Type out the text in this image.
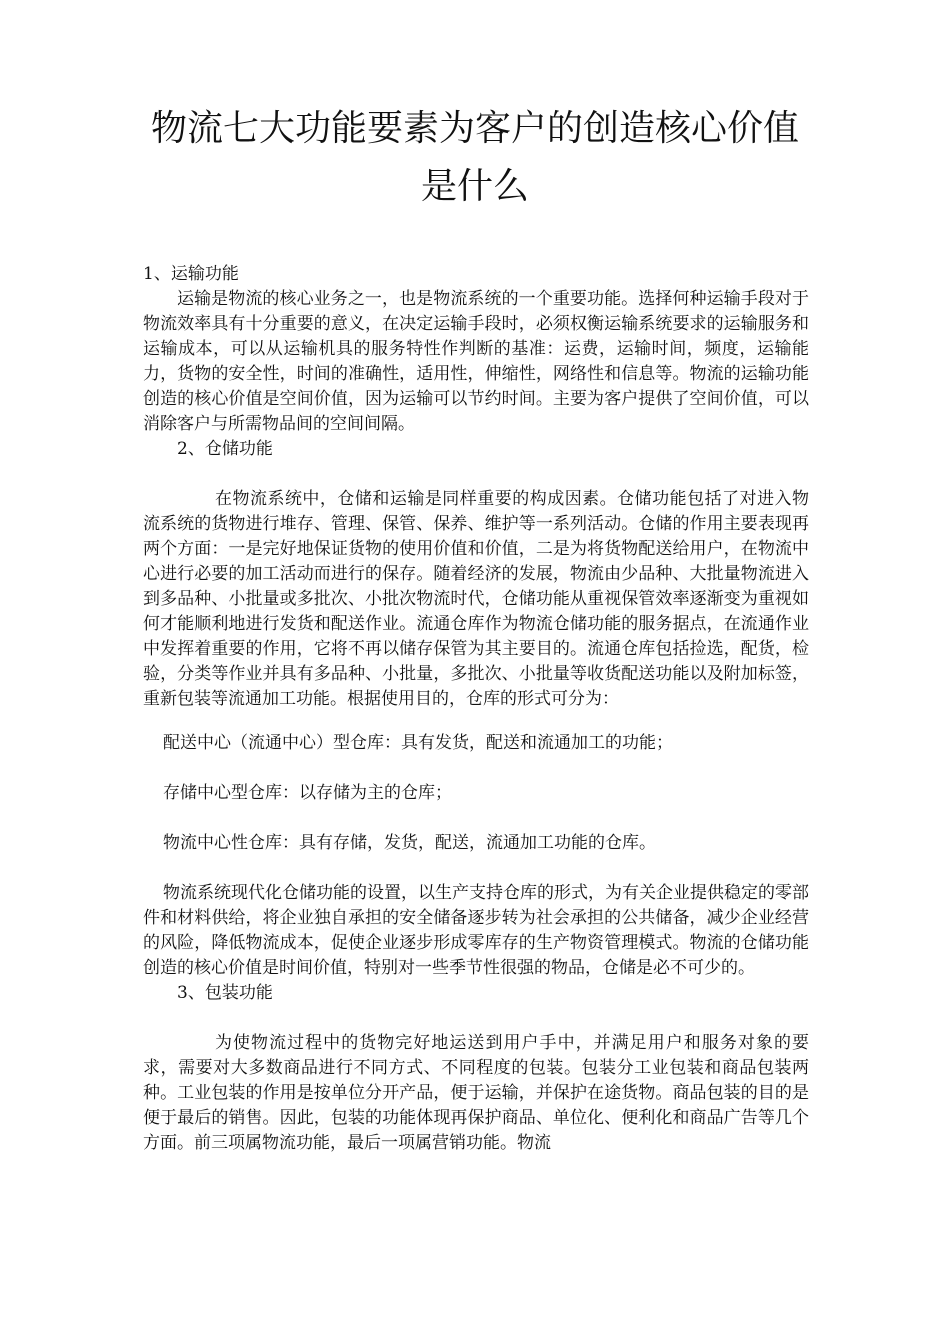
物流七大功能要素为客户的创造核心价值
是什么

1、运输功能

运输是物流的核心业务之一，也是物流系统的一个重要功能。选择何种运输手段对于物流效率具有十分重要的意义，在决定运输手段时，必须权衡运输系统要求的运输服务和运输成本，可以从运输机具的服务特性作判断的基准：运费，运输时间，频度，运输能力，货物的安全性，时间的准确性，适用性，伸缩性，网络性和信息等。物流的运输功能创造的核心价值是空间价值，因为运输可以节约时间。主要为客户提供了空间价值，可以消除客户与所需物品间的空间间隔。

2、仓储功能

在物流系统中，仓储和运输是同样重要的构成因素。仓储功能包括了对进入物流系统的货物进行堆存、管理、保管、保养、维护等一系列活动。仓储的作用主要表现再两个方面：一是完好地保证货物的使用价值和价值，二是为将货物配送给用户，在物流中心进行必要的加工活动而进行的保存。随着经济的发展，物流由少品种、大批量物流进入到多品种、小批量或多批次、小批次物流时代，仓储功能从重视保管效率逐渐变为重视如何才能顺利地进行发货和配送作业。流通仓库作为物流仓储功能的服务据点，在流通作业中发挥着重要的作用，它将不再以储存保管为其主要目的。流通仓库包括捡选，配货，检验，分类等作业并具有多品种、小批量，多批次、小批量等收货配送功能以及附加标签，重新包装等流通加工功能。根据使用目的，仓库的形式可分为：

配送中心（流通中心）型仓库：具有发货，配送和流通加工的功能；

存储中心型仓库：以存储为主的仓库；

物流中心性仓库：具有存储，发货，配送，流通加工功能的仓库。

物流系统现代化仓储功能的设置，以生产支持仓库的形式，为有关企业提供稳定的零部件和材料供给，将企业独自承担的安全储备逐步转为社会承担的公共储备，减少企业经营的风险，降低物流成本，促使企业逐步形成零库存的生产物资管理模式。物流的仓储功能创造的核心价值是时间价值，特别对一些季节性很强的物品，仓储是必不可少的。

3、包装功能

为使物流过程中的货物完好地运送到用户手中，并满足用户和服务对象的要求，需要对大多数商品进行不同方式、不同程度的包装。包装分工业包装和商品包装两种。工业包装的作用是按单位分开产品，便于运输，并保护在途货物。商品包装的目的是便于最后的销售。因此，包装的功能体现再保护商品、单位化、便利化和商品广告等几个方面。前三项属物流功能，最后一项属营销功能。物流
